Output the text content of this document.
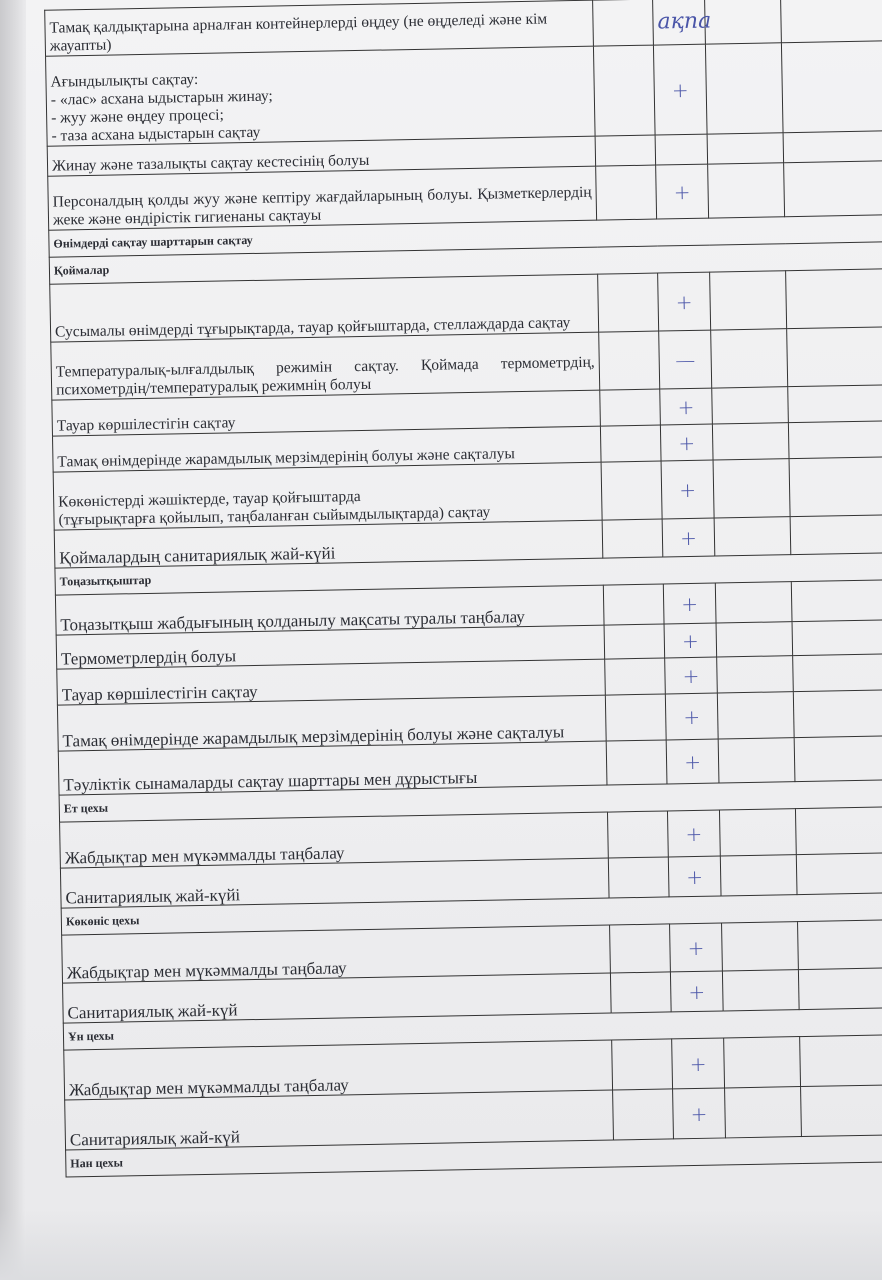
Тамақ қалдықтарына арналған контейнерлерді өңдеу (не өңделеді және кім жауапты)		ақпа		
Ағындылықты сақтау:
- «лас» асхана ыдыстарын жинау;
- жуу және өңдеу процесі;
- таза асхана ыдыстарын сақтау		+		
Жинау және тазалықты сақтау кестесінің болуы				
Персоналдың қолды жуу және кептіру жағдайларының болуы. Қызметкерлердің жеке және өндірістік гигиенаны сақтауы		+		
Өнімдерді сақтау шарттарын сақтау				
Қоймалар				
Сусымалы өнімдерді тұғырықтарда, тауар қойғыштарда, стеллаждарда сақтау		+		
Температуралық-ылғалдылық режимін сақтау. Қоймада термометрдің, психометрдің/температуралық режимнің болуы		—		
Тауар көршілестігін сақтау		+		
Тамақ өнімдерінде жарамдылық мерзімдерінің болуы және сақталуы		+		
Көкөністерді жәшіктерде, тауар қойғыштарда
(тұғырықтарға қойылып, таңбаланған сыйымдылықтарда) сақтау		+		
Қоймалардың санитариялық жай-күйі		+		
Тоңазытқыштар				
Тоңазытқыш жабдығының қолданылу мақсаты туралы таңбалау		+		
Термометрлердің болуы		+		
Тауар көршілестігін сақтау		+		
Тамақ өнімдерінде жарамдылық мерзімдерінің болуы және сақталуы		+		
Тәуліктік сынамаларды сақтау шарттары мен дұрыстығы		+		
Ет цехы				
Жабдықтар мен мүкәммалды таңбалау		+		
Санитариялық жай-күйі		+		
Көкөніс цехы				
Жабдықтар мен мүкәммалды таңбалау		+		
Санитариялық жай-күй		+		
Ұн цехы				
Жабдықтар мен мүкәммалды таңбалау		+		
Санитариялық жай-күй		+		
Нан цехы				
